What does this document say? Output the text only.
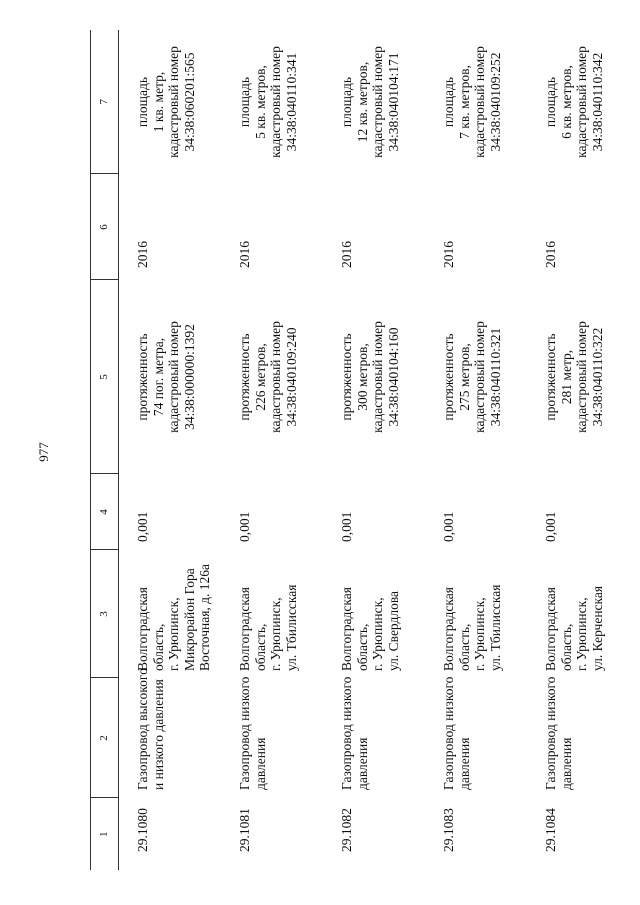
977
1	2	3	4	5	6	7

29.1080	Газопровод высокого и низкого давления	Волгоградская область, г. Урюпинск, Микрорайон Гора Восточная, д. 126а	0,001	протяженность 74 пог. метра, кадастровый номер 34:38:000000:1392	2016	площадь 1 кв. метр, кадастровый номер 34:38:060201:565

29.1081	Газопровод низкого давления	Волгоградская область, г. Урюпинск, ул. Тбилисская	0,001	протяженность 226 метров, кадастровый номер 34:38:040109:240	2016	площадь 5 кв. метров, кадастровый номер 34:38:040110:341

29.1082	Газопровод низкого давления	Волгоградская область, г. Урюпинск, ул. Свердлова	0,001	протяженность 300 метров, кадастровый номер 34:38:040104:160	2016	площадь 12 кв. метров, кадастровый номер 34:38:040104:171

29.1083	Газопровод низкого давления	Волгоградская область, г. Урюпинск, ул. Тбилисская	0,001	протяженность 275 метров, кадастровый номер 34:38:040110:321	2016	площадь 7 кв. метров, кадастровый номер 34:38:040109:252

29.1084	Газопровод низкого давления	Волгоградская область, г. Урюпинск, ул. Керченская	0,001	протяженность 281 метр, кадастровый номер 34:38:040110:322	2016	площадь 6 кв. метров, кадастровый номер 34:38:040110:342
